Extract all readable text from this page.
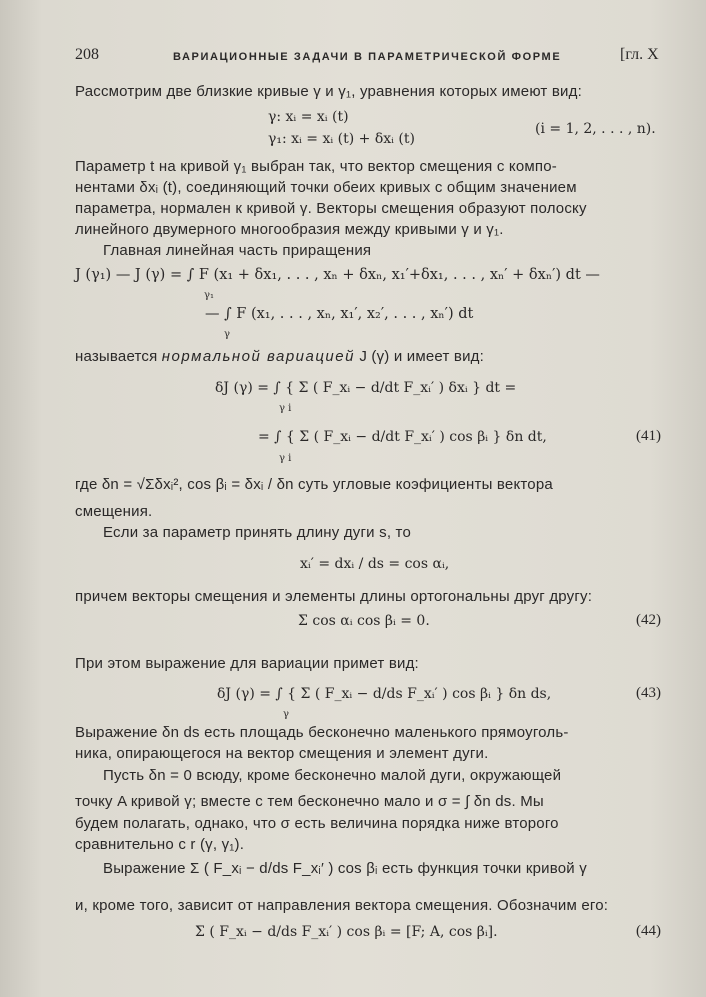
208	ВАРИАЦИОННЫЕ ЗАДАЧИ В ПАРАМЕТРИЧЕСКОЙ ФОРМЕ	[гл. X
Рассмотрим две близкие кривые γ и γ₁, уравнения которых имеют вид:
γ: xᵢ = xᵢ (t)
γ₁: xᵢ = xᵢ (t) + δxᵢ (t)
(i = 1, 2, . . . , n).
Параметр t на кривой γ₁ выбран так, что вектор смещения с компо-
нентами δxᵢ (t), соединяющий точки обеих кривых с общим значением
параметра, нормален к кривой γ. Векторы смещения образуют полоску
линейного двумерного многообразия между кривыми γ и γ₁.
Главная линейная часть приращения
J (γ₁) — J (γ) = ∫ F (x₁ + δx₁, . . . , xₙ + δxₙ, x₁′+δx₁, . . . , xₙ′ + δxₙ′) dt —
γ₁
— ∫ F (x₁, . . . , xₙ, x₁′, x₂′, . . . , xₙ′) dt
γ
называется нормальной вариацией J (γ) и имеет вид:
δJ (γ) = ∫ { Σ ( F_xᵢ − d/dt F_xᵢ′ ) δxᵢ } dt =
γ i
= ∫ { Σ ( F_xᵢ − d/dt F_xᵢ′ ) cos βᵢ } δn dt,
γ i
(41)
где δn = √Σδxᵢ², cos βᵢ = δxᵢ / δn суть угловые коэфициенты вектора
смещения.
Если за параметр принять длину дуги s, то
xᵢ′ = dxᵢ / ds = cos αᵢ,
причем векторы смещения и элементы длины ортогональны друг другу:
Σ cos αᵢ cos βᵢ = 0.	(42)
При этом выражение для вариации примет вид:
δJ (γ) = ∫ { Σ ( F_xᵢ − d/ds F_xᵢ′ ) cos βᵢ } δn ds,
γ
(43)
Выражение δn ds есть площадь бесконечно маленького прямоуголь-
ника, опирающегося на вектор смещения и элемент дуги.
Пусть δn = 0 всюду, кроме бесконечно малой дуги, окружающей
точку A кривой γ; вместе с тем бесконечно мало и σ = ∫ δn ds. Мы
будем полагать, однако, что σ есть величина порядка ниже второго
сравнительно с r (γ, γ₁).
Выражение Σ ( F_xᵢ − d/ds F_xᵢ′ ) cos βᵢ есть функция точки кривой γ
и, кроме того, зависит от направления вектора смещения. Обозначим его:
Σ ( F_xᵢ − d/ds F_xᵢ′ ) cos βᵢ = [F; A, cos βᵢ].	(44)
